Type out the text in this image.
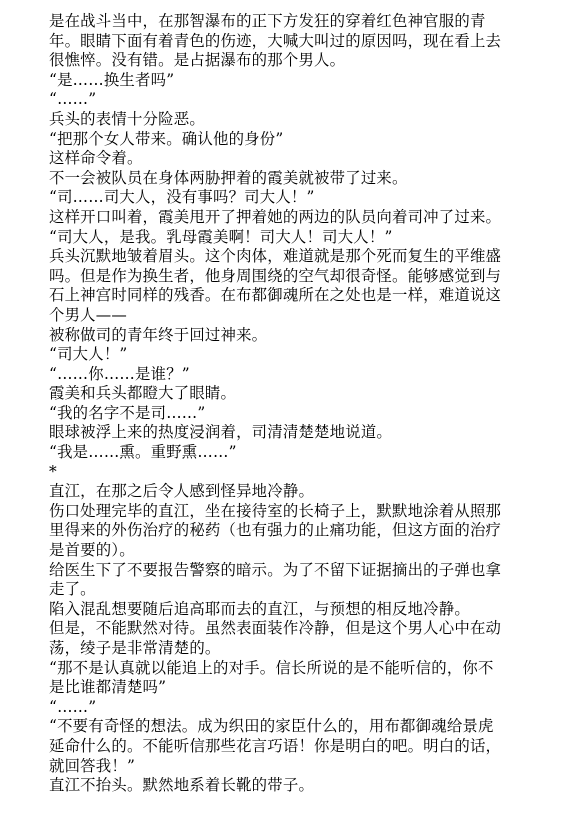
是在战斗当中，在那智瀑布的正下方发狂的穿着红色神官服的青
年。眼睛下面有着青色的伤迹，大喊大叫过的原因吗，现在看上去
很憔悴。没有错。是占据瀑布的那个男人。
“是……换生者吗”
“……”
兵头的表情十分险恶。
“把那个女人带来。确认他的身份”
这样命令着。
不一会被队员在身体两胁押着的霞美就被带了过来。
“司……司大人，没有事吗？司大人！”
这样开口叫着，霞美甩开了押着她的两边的队员向着司冲了过来。
“司大人，是我。乳母霞美啊！司大人！司大人！”
兵头沉默地皱着眉头。这个肉体，难道就是那个死而复生的平维盛
吗。但是作为换生者，他身周围绕的空气却很奇怪。能够感觉到与
石上神宫时同样的残香。在布都御魂所在之处也是一样，难道说这
个男人——
被称做司的青年终于回过神来。
“司大人！”
“……你……是谁？”
霞美和兵头都瞪大了眼睛。
“我的名字不是司……”
眼球被浮上来的热度浸润着，司清清楚楚地说道。
“我是……熏。重野熏……”
*
直江，在那之后令人感到怪异地冷静。
伤口处理完毕的直江，坐在接待室的长椅子上，默默地涂着从照那
里得来的外伤治疗的秘药（也有强力的止痛功能，但这方面的治疗
是首要的）。
给医生下了不要报告警察的暗示。为了不留下证据摘出的子弹也拿
走了。
陷入混乱想要随后追高耶而去的直江，与预想的相反地冷静。
但是，不能默然对待。虽然表面装作冷静，但是这个男人心中在动
荡，绫子是非常清楚的。
“那不是认真就以能追上的对手。信长所说的是不能听信的，你不
是比谁都清楚吗”
“……”
“不要有奇怪的想法。成为织田的家臣什么的，用布都御魂给景虎
延命什么的。不能听信那些花言巧语！你是明白的吧。明白的话，
就回答我！”
直江不抬头。默然地系着长靴的带子。
